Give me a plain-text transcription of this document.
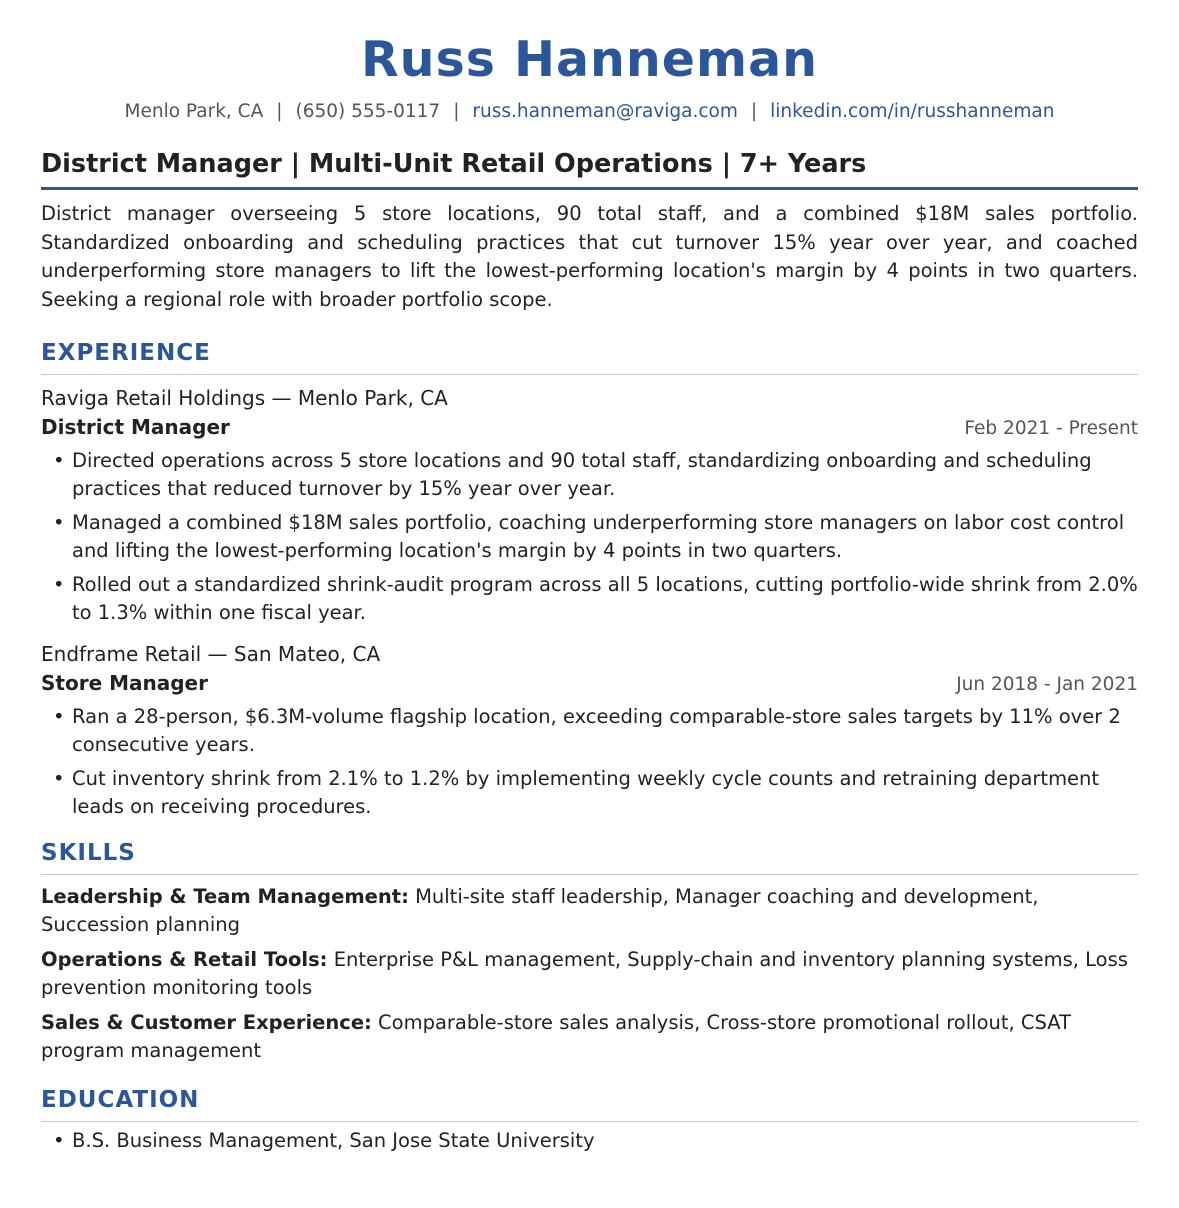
Russ Hanneman
Menlo Park, CA | (650) 555-0117 | russ.hanneman@raviga.com | linkedin.com/in/russhanneman
District Manager | Multi-Unit Retail Operations | 7+ Years
District manager overseeing 5 store locations, 90 total staff, and a combined $18M sales portfolio. Standardized onboarding and scheduling practices that cut turnover 15% year over year, and coached underperforming store managers to lift the lowest-performing location's margin by 4 points in two quarters. Seeking a regional role with broader portfolio scope.
EXPERIENCE
Raviga Retail Holdings — Menlo Park, CA
District Manager	Feb 2021 - Present
• Directed operations across 5 store locations and 90 total staff, standardizing onboarding and scheduling practices that reduced turnover by 15% year over year.
• Managed a combined $18M sales portfolio, coaching underperforming store managers on labor cost control and lifting the lowest-performing location's margin by 4 points in two quarters.
• Rolled out a standardized shrink-audit program across all 5 locations, cutting portfolio-wide shrink from 2.0% to 1.3% within one fiscal year.
Endframe Retail — San Mateo, CA
Store Manager	Jun 2018 - Jan 2021
• Ran a 28-person, $6.3M-volume flagship location, exceeding comparable-store sales targets by 11% over 2 consecutive years.
• Cut inventory shrink from 2.1% to 1.2% by implementing weekly cycle counts and retraining department leads on receiving procedures.
SKILLS
Leadership & Team Management: Multi-site staff leadership, Manager coaching and development, Succession planning
Operations & Retail Tools: Enterprise P&L management, Supply-chain and inventory planning systems, Loss prevention monitoring tools
Sales & Customer Experience: Comparable-store sales analysis, Cross-store promotional rollout, CSAT program management
EDUCATION
• B.S. Business Management, San Jose State University
